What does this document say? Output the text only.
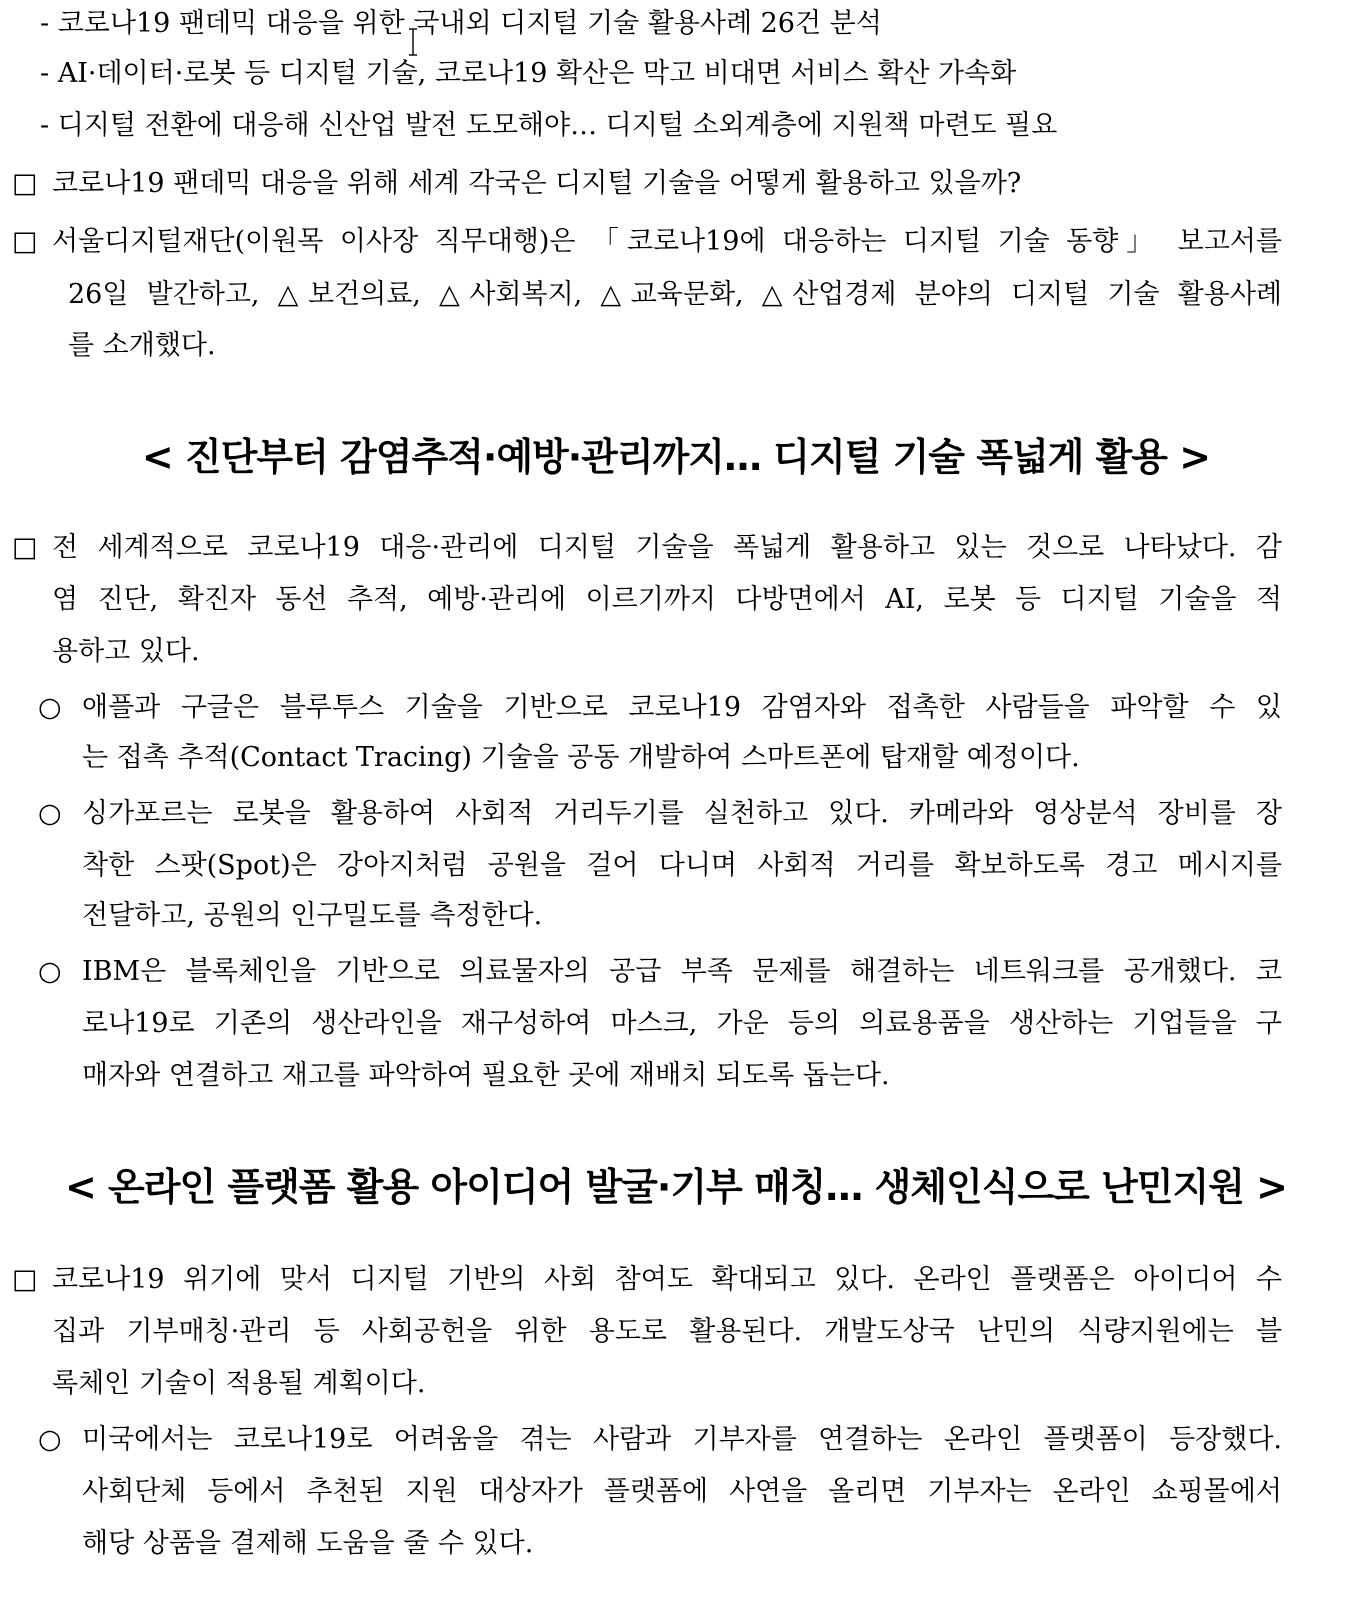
- 코로나19 팬데믹 대응을 위한 국내외 디지털 기술 활용사례 26건 분석
- AI·데이터·로봇 등 디지털 기술, 코로나19 확산은 막고 비대면 서비스 확산 가속화
- 디지털 전환에 대응해 신산업 발전 도모해야… 디지털 소외계층에 지원책 마련도 필요
□ 코로나19 팬데믹 대응을 위해 세계 각국은 디지털 기술을 어떻게 활용하고 있을까?
□ 서울디지털재단(이원목 이사장 직무대행)은 「코로나19에 대응하는 디지털 기술 동향」 보고서를
26일 발간하고, △보건의료, △사회복지, △교육문화, △산업경제 분야의 디지털 기술 활용사례
를 소개했다.
< 진단부터 감염추적·예방·관리까지… 디지털 기술 폭넓게 활용 >
□ 전 세계적으로 코로나19 대응·관리에 디지털 기술을 폭넓게 활용하고 있는 것으로 나타났다. 감
염 진단, 확진자 동선 추적, 예방·관리에 이르기까지 다방면에서 AI, 로봇 등 디지털 기술을 적
용하고 있다.
○ 애플과 구글은 블루투스 기술을 기반으로 코로나19 감염자와 접촉한 사람들을 파악할 수 있
는 접촉 추적(Contact Tracing) 기술을 공동 개발하여 스마트폰에 탑재할 예정이다.
○ 싱가포르는 로봇을 활용하여 사회적 거리두기를 실천하고 있다. 카메라와 영상분석 장비를 장
착한 스팟(Spot)은 강아지처럼 공원을 걸어 다니며 사회적 거리를 확보하도록 경고 메시지를
전달하고, 공원의 인구밀도를 측정한다.
○ IBM은 블록체인을 기반으로 의료물자의 공급 부족 문제를 해결하는 네트워크를 공개했다. 코
로나19로 기존의 생산라인을 재구성하여 마스크, 가운 등의 의료용품을 생산하는 기업들을 구
매자와 연결하고 재고를 파악하여 필요한 곳에 재배치 되도록 돕는다.
< 온라인 플랫폼 활용 아이디어 발굴·기부 매칭… 생체인식으로 난민지원 >
□ 코로나19 위기에 맞서 디지털 기반의 사회 참여도 확대되고 있다. 온라인 플랫폼은 아이디어 수
집과 기부매칭·관리 등 사회공헌을 위한 용도로 활용된다. 개발도상국 난민의 식량지원에는 블
록체인 기술이 적용될 계획이다.
○ 미국에서는 코로나19로 어려움을 겪는 사람과 기부자를 연결하는 온라인 플랫폼이 등장했다.
사회단체 등에서 추천된 지원 대상자가 플랫폼에 사연을 올리면 기부자는 온라인 쇼핑몰에서
해당 상품을 결제해 도움을 줄 수 있다.
